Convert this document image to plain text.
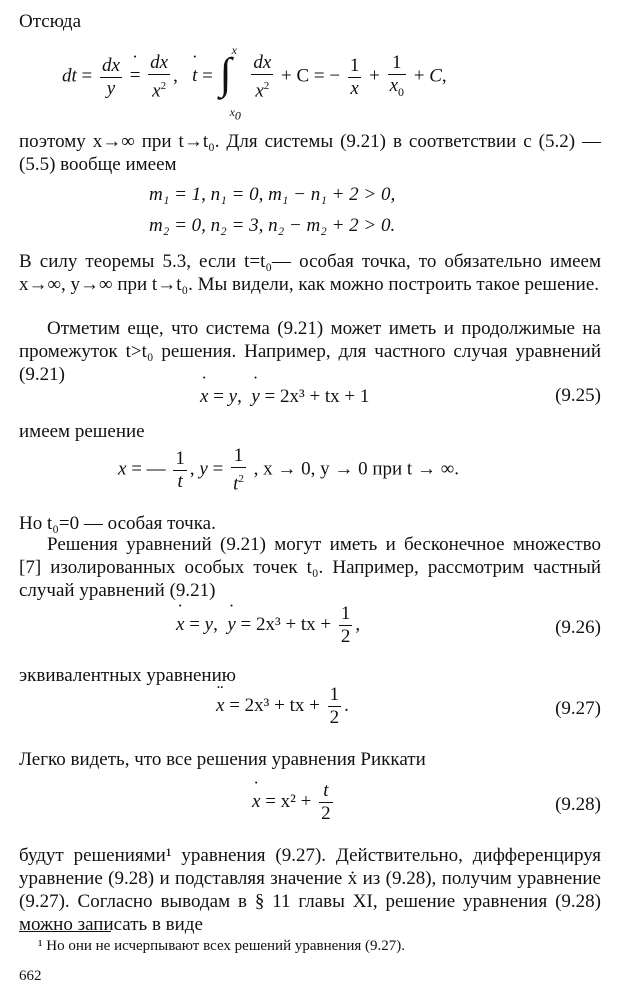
Отсюда
dt = $\frac{dx}{y}$
˙ = $\frac{dx}{x^2}$ ,   ˙ t = ∫ x
$x_0$

$\frac{dx}{x^2} + C$ = − $\frac{1}{x} + \frac{1}{x_0} + C$,
поэтому x→∞ при t→t₀. Для системы (9.21) в соответствии с (5.2) — (5.5) вообще имеем
m₁ = 1, n₁ = 0, m₁ − n₁ + 2 > 0,
m₂ = 0, n₂ = 3, n₂ − m₂ + 2 > 0.
В силу теоремы 5.3, если t=t₀— особая точка, то обязательно имеем x→∞, y→∞ при t→t₀. Мы видели, как можно построить такое решение.
Отметим еще, что система (9.21) может иметь и продолжимые на промежуток t>t₀ решения. Например, для частного случая уравнений (9.21)
˙ x = y,  ˙ y = 2x³ + tx + 1	(9.25)
имеем решение
x = — $\frac{1}{t}$ , $y = \frac{1}{t^2}$ , x → 0, y → 0 при t → ∞.
Но t₀=0 — особая точка.
Решения уравнений (9.21) могут иметь и бесконечное множество [7] изолированных особых точек t₀. Например, рассмотрим частный случай уравнений (9.21)
˙ x = y,  ˙ y = 2x³ + tx + $\frac{1}{2}$ ,	(9.26)
эквивалентных уравнению
¨ x = 2x³ + tx + $\frac{1}{2}$ .	(9.27)
Легко видеть, что все решения уравнения Риккати
˙ $x = x^2 + \frac{t}{2}$	(9.28)
будут решениями¹ уравнения (9.27). Действительно, дифференцируя уравнение (9.28) и подставляя значение ẋ из (9.28), получим уравнение (9.27). Согласно выводам в § 11 главы XI, решение уравнения (9.28) можно записать в виде
¹ Но они не исчерпывают всех решений уравнения (9.27).
662
